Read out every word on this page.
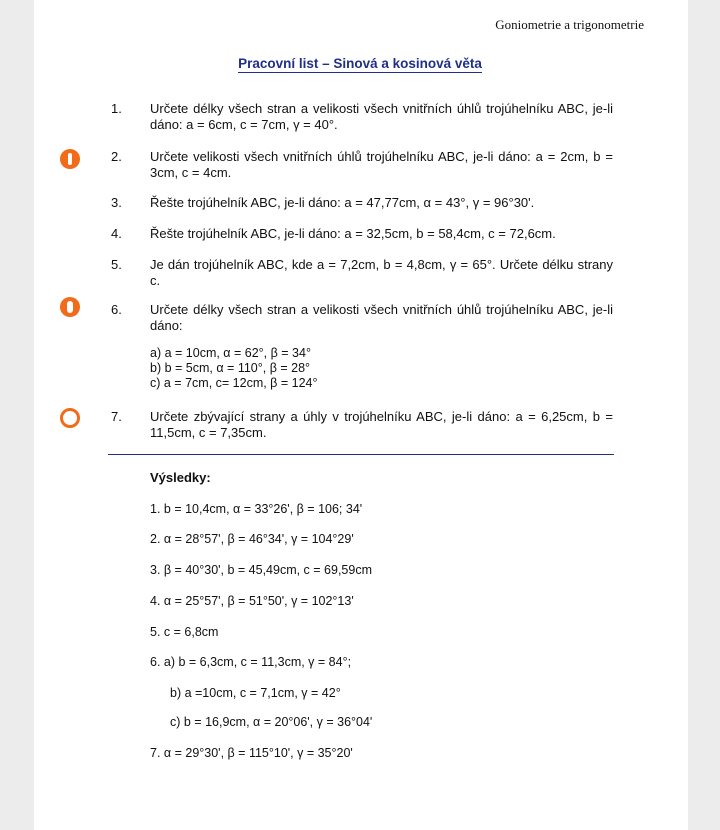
Goniometrie a trigonometrie
Pracovní list – Sinová a kosinová věta
1. Určete délky všech stran a velikosti všech vnitřních úhlů trojúhelníku ABC, je-li dáno: a = 6cm, c = 7cm, γ = 40°.
2. Určete velikosti všech vnitřních úhlů trojúhelníku ABC, je-li dáno: a = 2cm, b = 3cm, c = 4cm.
3. Řešte trojúhelník ABC, je-li dáno: a = 47,77cm, α = 43°, γ = 96°30'.
4. Řešte trojúhelník ABC, je-li dáno: a = 32,5cm, b = 58,4cm, c = 72,6cm.
5. Je dán trojúhelník ABC, kde a = 7,2cm, b = 4,8cm, γ = 65°. Určete délku strany c.
6. Určete délky všech stran a velikosti všech vnitřních úhlů trojúhelníku ABC, je-li dáno:
a) a = 10cm, α = 62°, β = 34°
b) b = 5cm, α = 110°, β = 28°
c) a = 7cm, c= 12cm, β = 124°
7. Určete zbývající strany a úhly v trojúhelníku ABC, je-li dáno: a = 6,25cm, b = 11,5cm, c = 7,35cm.
Výsledky:
1. b = 10,4cm, α = 33°26', β = 106; 34'
2. α = 28°57', β = 46°34', γ = 104°29'
3. β = 40°30', b = 45,49cm, c = 69,59cm
4. α = 25°57', β = 51°50', γ = 102°13'
5. c = 6,8cm
6. a) b = 6,3cm, c = 11,3cm, γ = 84°;
b) a =10cm, c = 7,1cm, γ = 42°
c) b = 16,9cm, α = 20°06', γ = 36°04'
7. α = 29°30', β = 115°10', γ = 35°20'
